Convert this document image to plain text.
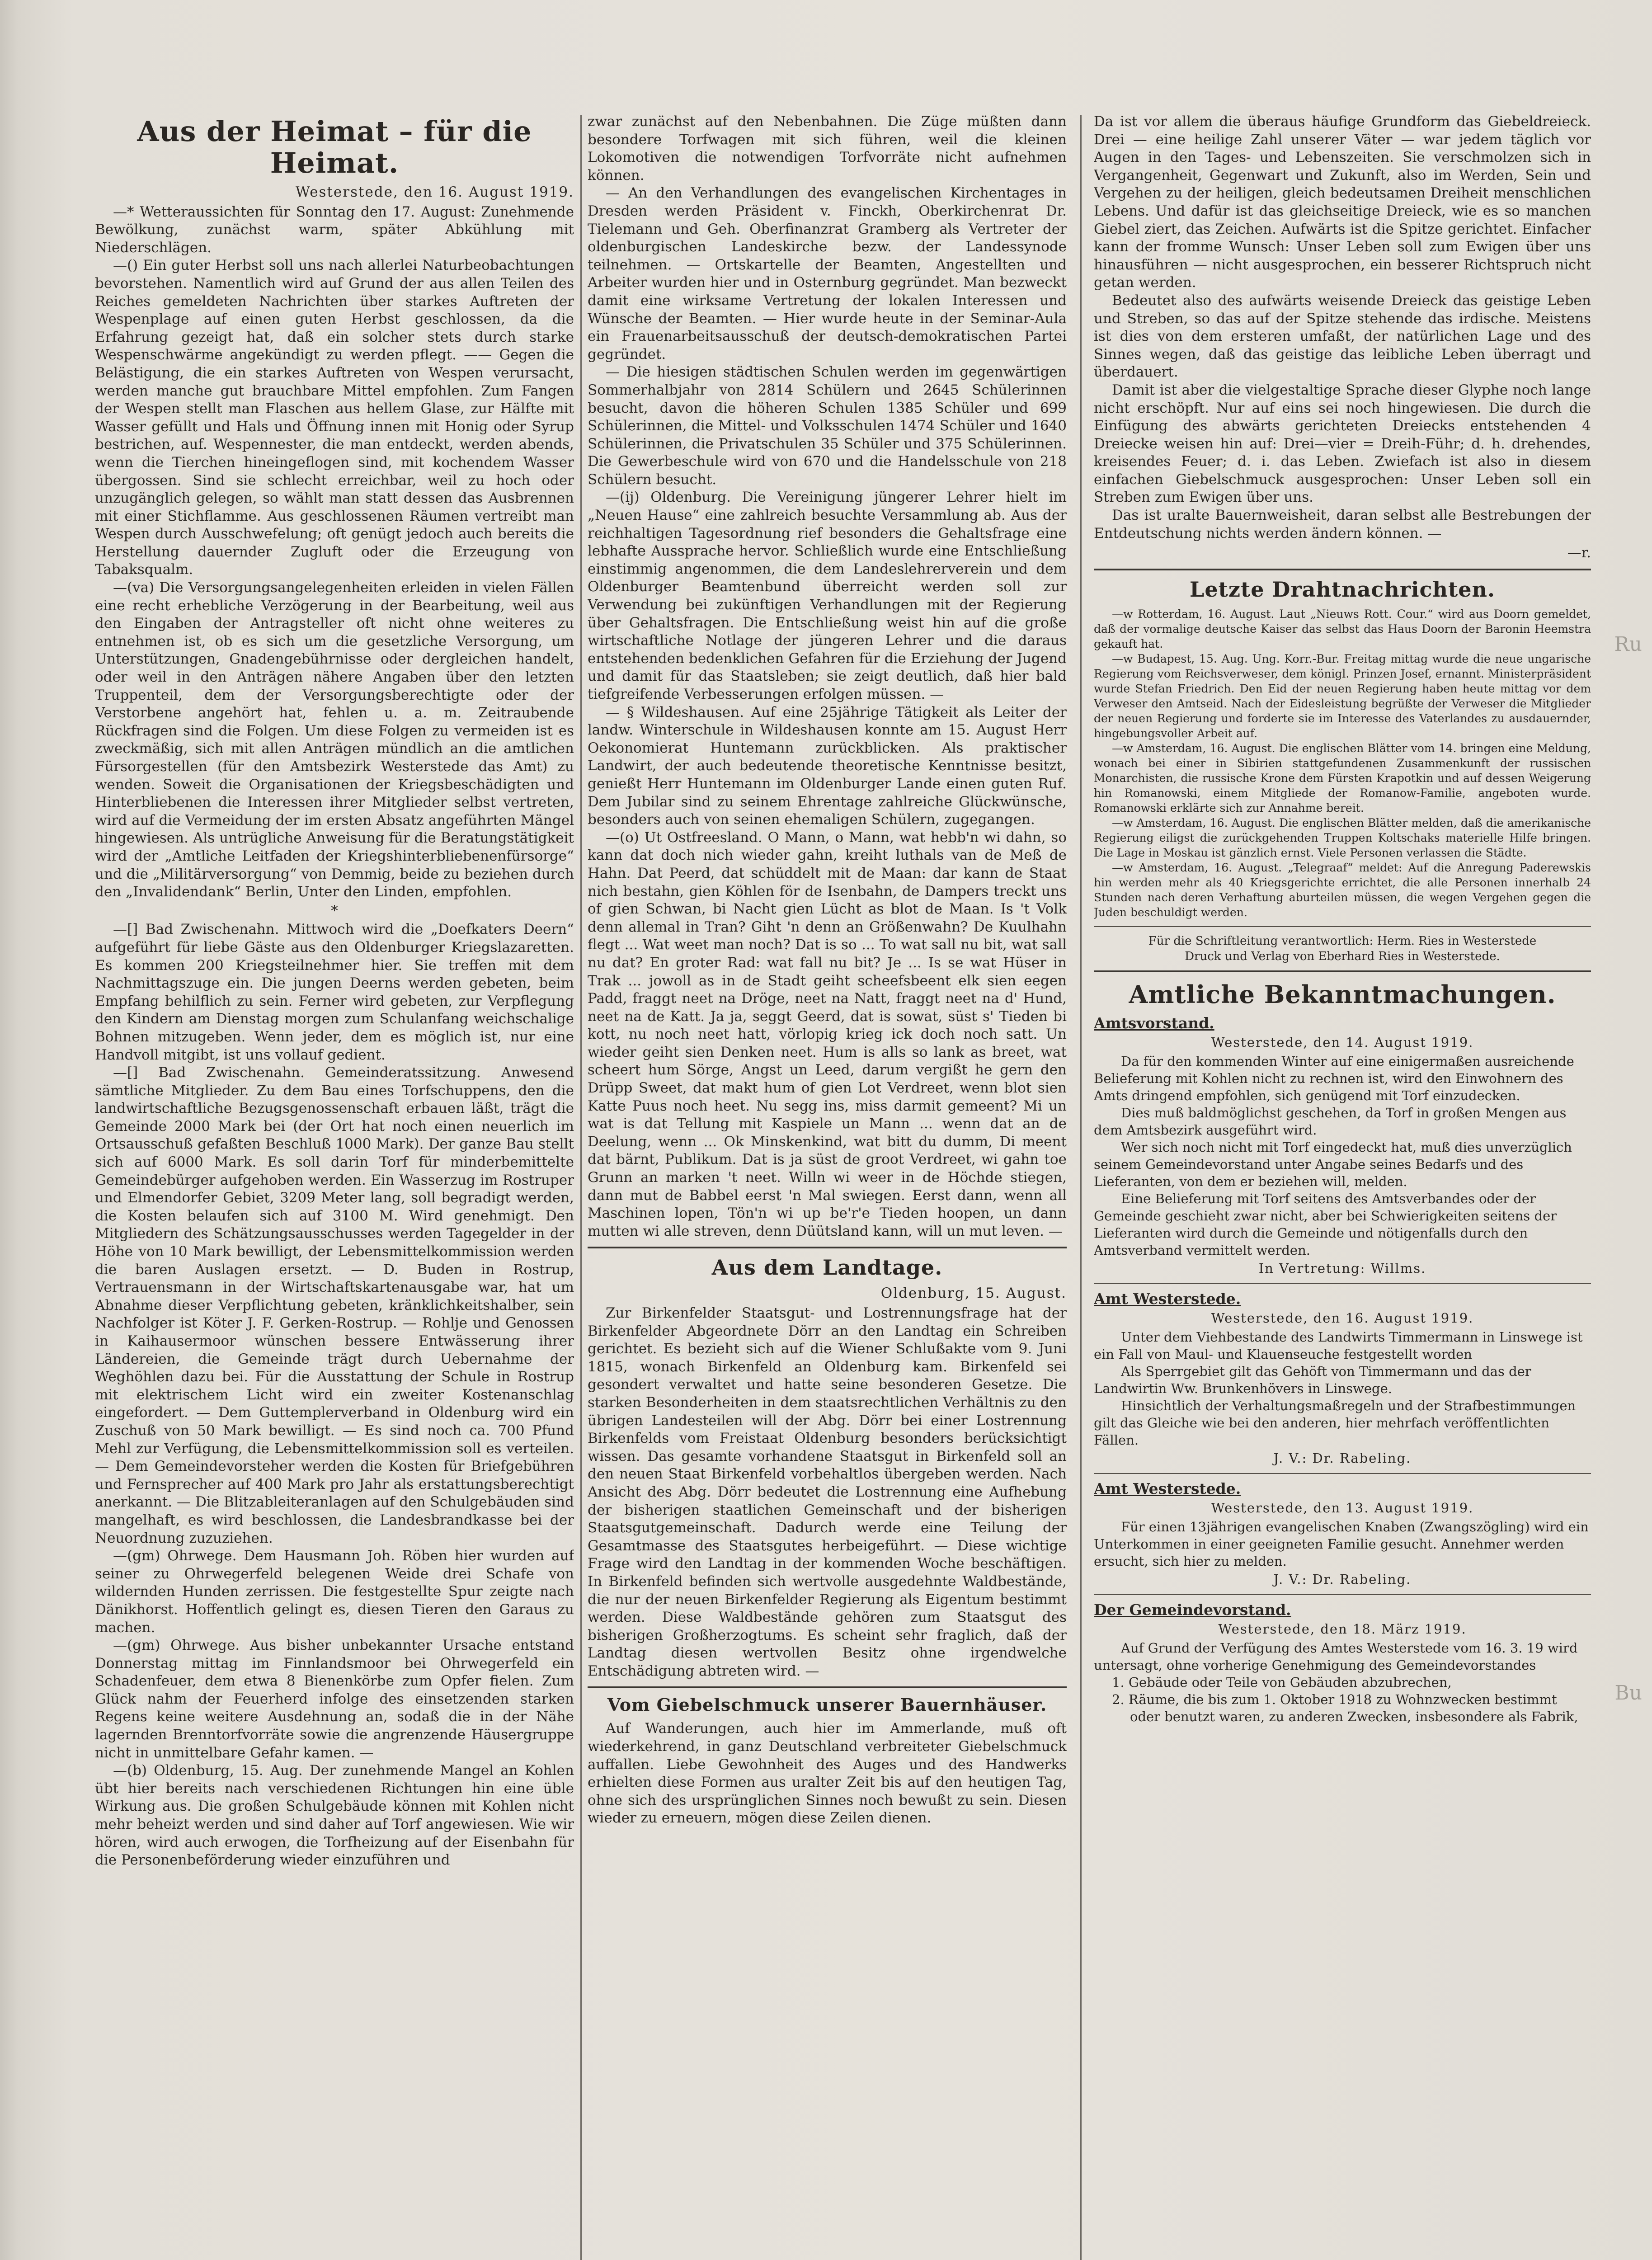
Ru
Bu
Aus der Heimat – für die Heimat.
Westerstede, den 16. August 1919.

—* Wetteraussichten für Sonntag den 17. August: Zunehmende Bewölkung, zunächst warm, später Abkühlung mit Niederschlägen.

—() Ein guter Herbst soll uns nach allerlei Naturbeobachtungen bevorstehen. Namentlich wird auf Grund der aus allen Teilen des Reiches gemeldeten Nachrichten über starkes Auftreten der Wespenplage auf einen guten Herbst geschlossen, da die Erfahrung gezeigt hat, daß ein solcher stets durch starke Wespenschwärme angekündigt zu werden pflegt. —— Gegen die Belästigung, die ein starkes Auftreten von Wespen verursacht, werden manche gut brauchbare Mittel empfohlen. Zum Fangen der Wespen stellt man Flaschen aus hellem Glase, zur Hälfte mit Wasser gefüllt und Hals und Öffnung innen mit Honig oder Syrup bestrichen, auf. Wespennester, die man entdeckt, werden abends, wenn die Tierchen hineingeflogen sind, mit kochendem Wasser übergossen. Sind sie schlecht erreichbar, weil zu hoch oder unzugänglich gelegen, so wählt man statt dessen das Ausbrennen mit einer Stichflamme. Aus geschlossenen Räumen vertreibt man Wespen durch Ausschwefelung; oft genügt jedoch auch bereits die Herstellung dauernder Zugluft oder die Erzeugung von Tabaksqualm.

—(va) Die Versorgungsangelegenheiten erleiden in vielen Fällen eine recht erhebliche Verzögerung in der Bearbeitung, weil aus den Eingaben der Antragsteller oft nicht ohne weiteres zu entnehmen ist, ob es sich um die gesetzliche Versorgung, um Unterstützungen, Gnadengebührnisse oder dergleichen handelt, oder weil in den Anträgen nähere Angaben über den letzten Truppenteil, dem der Versorgungsberechtigte oder der Verstorbene angehört hat, fehlen u. a. m. Zeitraubende Rückfragen sind die Folgen. Um diese Folgen zu vermeiden ist es zweckmäßig, sich mit allen Anträgen mündlich an die amtlichen Fürsorgestellen (für den Amtsbezirk Westerstede das Amt) zu wenden. Soweit die Organisationen der Kriegsbeschädigten und Hinterbliebenen die Interessen ihrer Mitglieder selbst vertreten, wird auf die Vermeidung der im ersten Absatz angeführten Mängel hingewiesen. Als untrügliche Anweisung für die Beratungstätigkeit wird der „Amtliche Leitfaden der Kriegshinterbliebenenfürsorge“ und die „Militärversorgung“ von Demmig, beide zu beziehen durch den „Invalidendank“ Berlin, Unter den Linden, empfohlen.

*

—[] Bad Zwischenahn. Mittwoch wird die „Doefkaters Deern“ aufgeführt für liebe Gäste aus den Oldenburger Kriegslazaretten. Es kommen 200 Kriegsteilnehmer hier. Sie treffen mit dem Nachmittagszuge ein. Die jungen Deerns werden gebeten, beim Empfang behilflich zu sein. Ferner wird gebeten, zur Verpflegung den Kindern am Dienstag morgen zum Schulanfang weichschalige Bohnen mitzugeben. Wenn jeder, dem es möglich ist, nur eine Handvoll mitgibt, ist uns vollauf gedient.

—[] Bad Zwischenahn. Gemeinderatssitzung. Anwesend sämtliche Mitglieder. Zu dem Bau eines Torfschuppens, den die landwirtschaftliche Bezugsgenossenschaft erbauen läßt, trägt die Gemeinde 2000 Mark bei (der Ort hat noch einen neuerlich im Ortsausschuß gefaßten Beschluß 1000 Mark). Der ganze Bau stellt sich auf 6000 Mark. Es soll darin Torf für minderbemittelte Gemeindebürger aufgehoben werden. Ein Wasserzug im Rostruper und Elmendorfer Gebiet, 3209 Meter lang, soll begradigt werden, die Kosten belaufen sich auf 3100 M. Wird genehmigt. Den Mitgliedern des Schätzungsausschusses werden Tagegelder in der Höhe von 10 Mark bewilligt, der Lebensmittelkommission werden die baren Auslagen ersetzt. — D. Buden in Rostrup, Vertrauensmann in der Wirtschaftskartenausgabe war, hat um Abnahme dieser Verpflichtung gebeten, kränklichkeitshalber, sein Nachfolger ist Köter J. F. Gerken-Rostrup. — Rohlje und Genossen in Kaihausermoor wünschen bessere Entwässerung ihrer Ländereien, die Gemeinde trägt durch Uebernahme der Weghöhlen dazu bei. Für die Ausstattung der Schule in Rostrup mit elektrischem Licht wird ein zweiter Kostenanschlag eingefordert. — Dem Guttemplerverband in Oldenburg wird ein Zuschuß von 50 Mark bewilligt. — Es sind noch ca. 700 Pfund Mehl zur Verfügung, die Lebensmittelkommission soll es verteilen. — Dem Gemeindevorsteher werden die Kosten für Briefgebühren und Fernsprecher auf 400 Mark pro Jahr als erstattungsberechtigt anerkannt. — Die Blitzableiteranlagen auf den Schulgebäuden sind mangelhaft, es wird beschlossen, die Landesbrandkasse bei der Neuordnung zuzuziehen.

—(gm) Ohrwege. Dem Hausmann Joh. Röben hier wurden auf seiner zu Ohrwegerfeld belegenen Weide drei Schafe von wildernden Hunden zerrissen. Die festgestellte Spur zeigte nach Dänikhorst. Hoffentlich gelingt es, diesen Tieren den Garaus zu machen.

—(gm) Ohrwege. Aus bisher unbekannter Ursache entstand Donnerstag mittag im Finnlandsmoor bei Ohrwegerfeld ein Schadenfeuer, dem etwa 8 Bienenkörbe zum Opfer fielen. Zum Glück nahm der Feuerherd infolge des einsetzenden starken Regens keine weitere Ausdehnung an, sodaß die in der Nähe lagernden Brenntorfvorräte sowie die angrenzende Häusergruppe nicht in unmittelbare Gefahr kamen. —

—(b) Oldenburg, 15. Aug. Der zunehmende Mangel an Kohlen übt hier bereits nach verschiedenen Richtungen hin eine üble Wirkung aus. Die großen Schulgebäude können mit Kohlen nicht mehr beheizt werden und sind daher auf Torf angewiesen. Wie wir hören, wird auch erwogen, die Torfheizung auf der Eisenbahn für die Personenbeförderung wieder einzuführen und

zwar zunächst auf den Nebenbahnen. Die Züge müßten dann besondere Torfwagen mit sich führen, weil die kleinen Lokomotiven die notwendigen Torfvorräte nicht aufnehmen können.

— An den Verhandlungen des evangelischen Kirchentages in Dresden werden Präsident v. Finckh, Oberkirchenrat Dr. Tielemann und Geh. Oberfinanzrat Gramberg als Vertreter der oldenburgischen Landeskirche bezw. der Landessynode teilnehmen. — Ortskartelle der Beamten, Angestellten und Arbeiter wurden hier und in Osternburg gegründet. Man bezweckt damit eine wirksame Vertretung der lokalen Interessen und Wünsche der Beamten. — Hier wurde heute in der Seminar-Aula ein Frauenarbeitsausschuß der deutsch-demokratischen Partei gegründet.

— Die hiesigen städtischen Schulen werden im gegenwärtigen Sommerhalbjahr von 2814 Schülern und 2645 Schülerinnen besucht, davon die höheren Schulen 1385 Schüler und 699 Schülerinnen, die Mittel- und Volksschulen 1474 Schüler und 1640 Schülerinnen, die Privatschulen 35 Schüler und 375 Schülerinnen. Die Gewerbeschule wird von 670 und die Handelsschule von 218 Schülern besucht.

—(ij) Oldenburg. Die Vereinigung jüngerer Lehrer hielt im „Neuen Hause“ eine zahlreich besuchte Versammlung ab. Aus der reichhaltigen Tagesordnung rief besonders die Gehaltsfrage eine lebhafte Aussprache hervor. Schließlich wurde eine Entschließung einstimmig angenommen, die dem Landeslehrerverein und dem Oldenburger Beamtenbund überreicht werden soll zur Verwendung bei zukünftigen Verhandlungen mit der Regierung über Gehaltsfragen. Die Entschließung weist hin auf die große wirtschaftliche Notlage der jüngeren Lehrer und die daraus entstehenden bedenklichen Gefahren für die Erziehung der Jugend und damit für das Staatsleben; sie zeigt deutlich, daß hier bald tiefgreifende Verbesserungen erfolgen müssen. —

— § Wildeshausen. Auf eine 25jährige Tätigkeit als Leiter der landw. Winterschule in Wildeshausen konnte am 15. August Herr Oekonomierat Huntemann zurückblicken. Als praktischer Landwirt, der auch bedeutende theoretische Kenntnisse besitzt, genießt Herr Huntemann im Oldenburger Lande einen guten Ruf. Dem Jubilar sind zu seinem Ehrentage zahlreiche Glückwünsche, besonders auch von seinen ehemaligen Schülern, zugegangen.

—(o) Ut Ostfreesland. O Mann, o Mann, wat hebb'n wi dahn, so kann dat doch nich wieder gahn, kreiht luthals van de Meß de Hahn. Dat Peerd, dat schüddelt mit de Maan: dar kann de Staat nich bestahn, gien Köhlen för de Isenbahn, de Dampers treckt uns of gien Schwan, bi Nacht gien Lücht as blot de Maan. Is 't Volk denn allemal in Tran? Giht 'n denn an Größenwahn? De Kuulhahn flegt ... Wat weet man noch? Dat is so ... To wat sall nu bit, wat sall nu dat? En groter Rad: wat fall nu bit? Je ... Is se wat Hüser in Trak ... jowoll as in de Stadt geiht scheefsbeent elk sien eegen Padd, fraggt neet na Dröge, neet na Natt, fraggt neet na d' Hund, neet na de Katt. Ja ja, seggt Geerd, dat is sowat, süst s' Tieden bi kott, nu noch neet hatt, vörlopig krieg ick doch noch satt. Un wieder geiht sien Denken neet. Hum is alls so lank as breet, wat scheert hum Sörge, Angst un Leed, darum vergißt he gern den Drüpp Sweet, dat makt hum of gien Lot Verdreet, wenn blot sien Katte Puus noch heet. Nu segg ins, miss darmit gemeent? Mi un wat is dat Tellung mit Kaspiele un Mann ... wenn dat an de Deelung, wenn ... Ok Minskenkind, wat bitt du dumm, Di meent dat bärnt, Publikum. Dat is ja süst de groot Verdreet, wi gahn toe Grunn an marken 't neet. Willn wi weer in de Höchde stiegen, dann mut de Babbel eerst 'n Mal swiegen. Eerst dann, wenn all Maschinen lopen, Tön'n wi up be'r'e Tieden hoopen, un dann mutten wi alle streven, denn Düütsland kann, will un mut leven. —

Aus dem Landtage.
Oldenburg, 15. August.

Zur Birkenfelder Staatsgut- und Lostrennungsfrage hat der Birkenfelder Abgeordnete Dörr an den Landtag ein Schreiben gerichtet. Es bezieht sich auf die Wiener Schlußakte vom 9. Juni 1815, wonach Birkenfeld an Oldenburg kam. Birkenfeld sei gesondert verwaltet und hatte seine besonderen Gesetze. Die starken Besonderheiten in dem staatsrechtlichen Verhältnis zu den übrigen Landesteilen will der Abg. Dörr bei einer Lostrennung Birkenfelds vom Freistaat Oldenburg besonders berücksichtigt wissen. Das gesamte vorhandene Staatsgut in Birkenfeld soll an den neuen Staat Birkenfeld vorbehaltlos übergeben werden. Nach Ansicht des Abg. Dörr bedeutet die Lostrennung eine Aufhebung der bisherigen staatlichen Gemeinschaft und der bisherigen Staatsgutgemeinschaft. Dadurch werde eine Teilung der Gesamtmasse des Staatsgutes herbeigeführt. — Diese wichtige Frage wird den Landtag in der kommenden Woche beschäftigen. In Birkenfeld befinden sich wertvolle ausgedehnte Waldbestände, die nur der neuen Birkenfelder Regierung als Eigentum bestimmt werden. Diese Waldbestände gehören zum Staatsgut des bisherigen Großherzogtums. Es scheint sehr fraglich, daß der Landtag diesen wertvollen Besitz ohne irgendwelche Entschädigung abtreten wird. —

Vom Giebelschmuck unserer Bauernhäuser.

Auf Wanderungen, auch hier im Ammerlande, muß oft wiederkehrend, in ganz Deutschland verbreiteter Giebelschmuck auffallen. Liebe Gewohnheit des Auges und des Handwerks erhielten diese Formen aus uralter Zeit bis auf den heutigen Tag, ohne sich des ursprünglichen Sinnes noch bewußt zu sein. Diesen wieder zu erneuern, mögen diese Zeilen dienen.

Da ist vor allem die überaus häufige Grundform das Giebeldreieck. Drei — eine heilige Zahl unserer Väter — war jedem täglich vor Augen in den Tages- und Lebenszeiten. Sie verschmolzen sich in Vergangenheit, Gegenwart und Zukunft, also im Werden, Sein und Vergehen zu der heiligen, gleich bedeutsamen Dreiheit menschlichen Lebens. Und dafür ist das gleichseitige Dreieck, wie es so manchen Giebel ziert, das Zeichen. Aufwärts ist die Spitze gerichtet. Einfacher kann der fromme Wunsch: Unser Leben soll zum Ewigen über uns hinausführen — nicht ausgesprochen, ein besserer Richtspruch nicht getan werden.

Bedeutet also des aufwärts weisende Dreieck das geistige Leben und Streben, so das auf der Spitze stehende das irdische. Meistens ist dies von dem ersteren umfaßt, der natürlichen Lage und des Sinnes wegen, daß das geistige das leibliche Leben überragt und überdauert.

Damit ist aber die vielgestaltige Sprache dieser Glyphe noch lange nicht erschöpft. Nur auf eins sei noch hingewiesen. Die durch die Einfügung des abwärts gerichteten Dreiecks entstehenden 4 Dreiecke weisen hin auf: Drei—vier = Dreih-Führ; d. h. drehendes, kreisendes Feuer; d. i. das Leben. Zwiefach ist also in diesem einfachen Giebelschmuck ausgesprochen: Unser Leben soll ein Streben zum Ewigen über uns.

Das ist uralte Bauernweisheit, daran selbst alle Bestrebungen der Entdeutschung nichts werden ändern können. —

—r.
Letzte Drahtnachrichten.

—w Rotterdam, 16. August. Laut „Nieuws Rott. Cour.“ wird aus Doorn gemeldet, daß der vormalige deutsche Kaiser das selbst das Haus Doorn der Baronin Heemstra gekauft hat.

—w Budapest, 15. Aug. Ung. Korr.-Bur. Freitag mittag wurde die neue ungarische Regierung vom Reichsverweser, dem königl. Prinzen Josef, ernannt. Ministerpräsident wurde Stefan Friedrich. Den Eid der neuen Regierung haben heute mittag vor dem Verweser den Amtseid. Nach der Eidesleistung begrüßte der Verweser die Mitglieder der neuen Regierung und forderte sie im Interesse des Vaterlandes zu ausdauernder, hingebungsvoller Arbeit auf.

—w Amsterdam, 16. August. Die englischen Blätter vom 14. bringen eine Meldung, wonach bei einer in Sibirien stattgefundenen Zusammenkunft der russischen Monarchisten, die russische Krone dem Fürsten Krapotkin und auf dessen Weigerung hin Romanowski, einem Mitgliede der Romanow-Familie, angeboten wurde. Romanowski erklärte sich zur Annahme bereit.

—w Amsterdam, 16. August. Die englischen Blätter melden, daß die amerikanische Regierung eiligst die zurückgehenden Truppen Koltschaks materielle Hilfe bringen. Die Lage in Moskau ist gänzlich ernst. Viele Personen verlassen die Städte.

—w Amsterdam, 16. August. „Telegraaf“ meldet: Auf die Anregung Paderewskis hin werden mehr als 40 Kriegsgerichte errichtet, die alle Personen innerhalb 24 Stunden nach deren Verhaftung aburteilen müssen, die wegen Vergehen gegen die Juden beschuldigt werden.

Für die Schriftleitung verantwortlich: Herm. Ries in Westerstede

Druck und Verlag von Eberhard Ries in Westerstede.

Amtliche Bekanntmachungen.
Amtsvorstand.
Westerstede, den 14. August 1919.

Da für den kommenden Winter auf eine einigermaßen ausreichende Belieferung mit Kohlen nicht zu rechnen ist, wird den Einwohnern des Amts dringend empfohlen, sich genügend mit Torf einzudecken.

Dies muß baldmöglichst geschehen, da Torf in großen Mengen aus dem Amtsbezirk ausgeführt wird.

Wer sich noch nicht mit Torf eingedeckt hat, muß dies unverzüglich seinem Gemeindevorstand unter Angabe seines Bedarfs und des Lieferanten, von dem er beziehen will, melden.

Eine Belieferung mit Torf seitens des Amtsverbandes oder der Gemeinde geschieht zwar nicht, aber bei Schwierigkeiten seitens der Lieferanten wird durch die Gemeinde und nötigenfalls durch den Amtsverband vermittelt werden.

In Vertretung: Willms.
Amt Westerstede.
Westerstede, den 16. August 1919.

Unter dem Viehbestande des Landwirts Timmermann in Linswege ist ein Fall von Maul- und Klauenseuche festgestellt worden

Als Sperrgebiet gilt das Gehöft von Timmermann und das der Landwirtin Ww. Brunkenhövers in Linswege.

Hinsichtlich der Verhaltungsmaßregeln und der Strafbestimmungen gilt das Gleiche wie bei den anderen, hier mehrfach veröffentlichten Fällen.

J. V.: Dr. Rabeling.
Amt Westerstede.
Westerstede, den 13. August 1919.

Für einen 13jährigen evangelischen Knaben (Zwangszögling) wird ein Unterkommen in einer geeigneten Familie gesucht. Annehmer werden ersucht, sich hier zu melden.

J. V.: Dr. Rabeling.
Der Gemeindevorstand.
Westerstede, den 18. März 1919.

Auf Grund der Verfügung des Amtes Westerstede vom 16. 3. 19 wird untersagt, ohne vorherige Genehmigung des Gemeindevorstandes

1. Gebäude oder Teile von Gebäuden abzubrechen,
2. Räume, die bis zum 1. Oktober 1918 zu Wohnzwecken bestimmt oder benutzt waren, zu anderen Zwecken, insbesondere als Fabrik,
